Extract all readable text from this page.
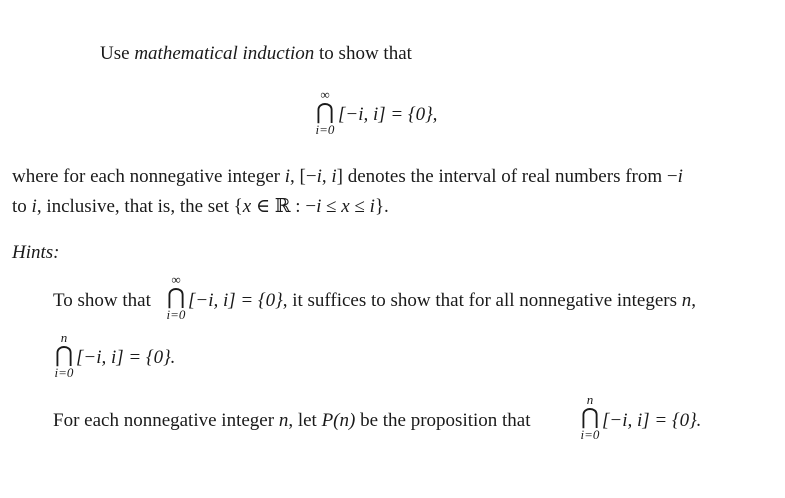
Use mathematical induction to show that
∞
⋂
i=0
[−i, i] = {0},
where for each nonnegative integer i, [−i, i] denotes the interval of real numbers from −i
to i, inclusive, that is, the set {x ∈ ℝ : −i ≤ x ≤ i}.
Hints:
To show that
∞
⋂
i=0
[−i, i] = {0}, it suffices to show that for all nonnegative integers n,
n
⋂
i=0
[−i, i] = {0}.
For each nonnegative integer n, let P(n) be the proposition that
n
⋂
i=0
[−i, i] = {0}.
